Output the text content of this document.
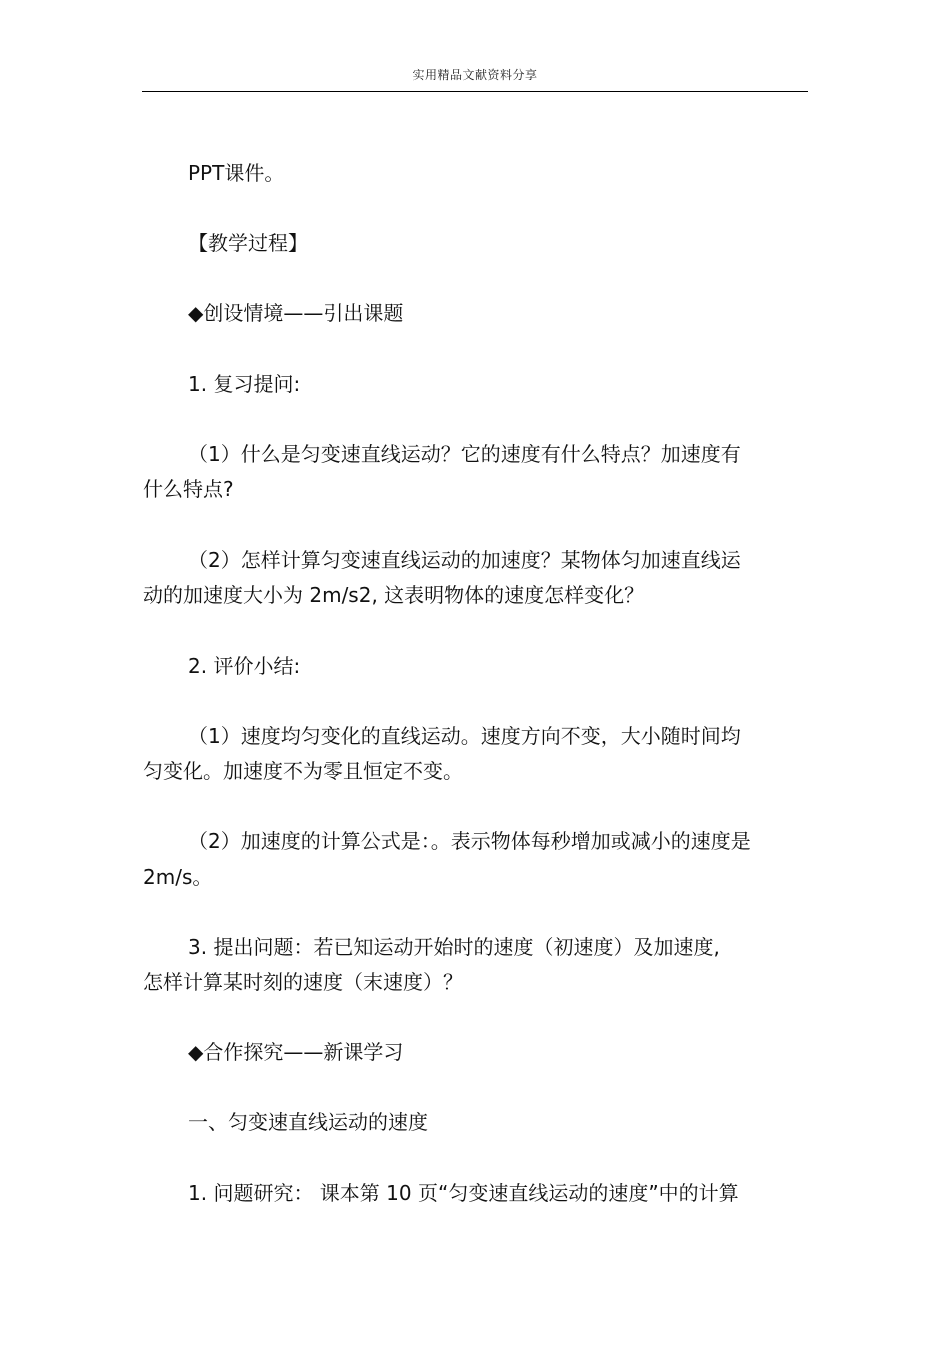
实用精品文献资料分享
PPT课件。
【教学过程】
◆创设情境——引出课题
1. 复习提问:
（1）什么是匀变速直线运动？它的速度有什么特点？加速度有
什么特点?
（2）怎样计算匀变速直线运动的加速度？某物体匀加速直线运
动的加速度大小为 2m/s2, 这表明物体的速度怎样变化？
2. 评价小结:
（1）速度均匀变化的直线运动。速度方向不变，大小随时间均
匀变化。加速度不为零且恒定不变。
（2）加速度的计算公式是：。表示物体每秒增加或减小的速度是
2m/s。
3. 提出问题：若已知运动开始时的速度（初速度）及加速度,
怎样计算某时刻的速度（末速度）？
◆合作探究——新课学习
一、匀变速直线运动的速度
1. 问题研究： 课本第 10 页“匀变速直线运动的速度”中的计算
